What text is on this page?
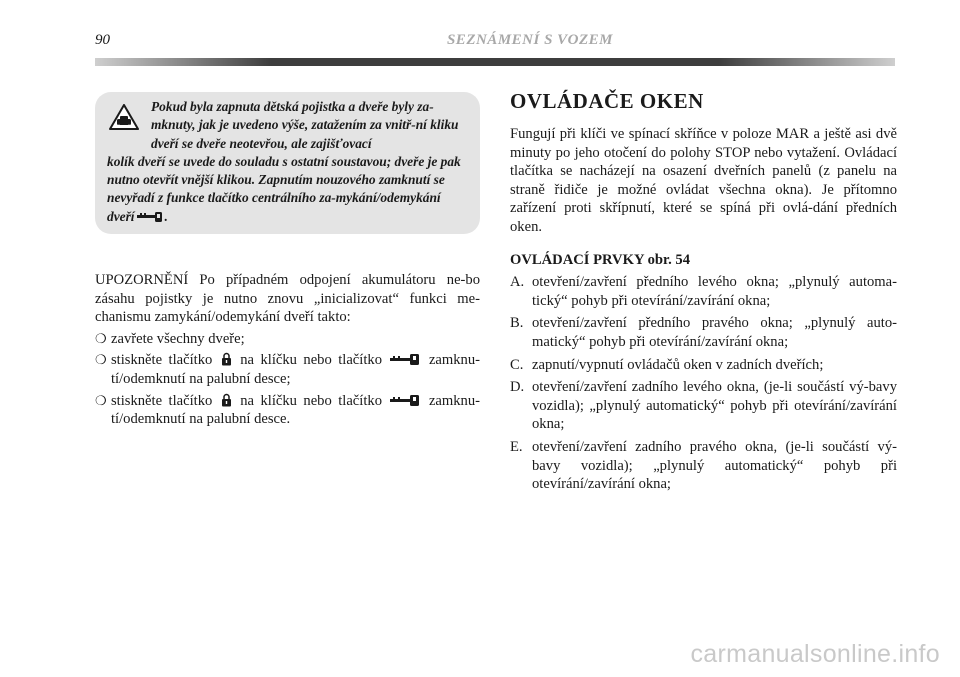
90	SEZNÁMENÍ S VOZEM
Pokud byla zapnuta dětská pojistka a dveře byly za-mknuty, jak je uvedeno výše, zatažením za vnitř-ní kliku dveří se dveře neotevřou, ale zajišťovací
kolík dveří se uvede do souladu s ostatní soustavou; dveře je pak nutno otevřít vnější klikou. Zapnutím nouzového zamknutí se nevyřadí z funkce tlačítko centrálního za-mykání/odemykání dveří .

UPOZORNĚNÍ Po případném odpojení akumulátoru ne-bo zásahu pojistky je nutno znovu „inicializovat“ funkci me-chanismu zamykání/odemykání dveří takto:

❍ zavřete všechny dveře;
❍ stiskněte tlačítko na klíčku nebo tlačítko	zamknu-tí/odemknutí na palubní desce;
❍ stiskněte tlačítko na klíčku nebo tlačítko	zamknu-tí/odemknutí na palubní desce.
OVLÁDAČE OKEN

Fungují při klíči ve spínací skříňce v poloze MAR a ještě asi dvě minuty po jeho otočení do polohy STOP nebo vytažení. Ovládací tlačítka se nacházejí na osazení dveřních panelů (z panelu na straně řidiče je možné ovládat všechna okna). Je přítomno zařízení proti skřípnutí, které se spíná při ovlá-dání předních oken.

OVLÁDACÍ PRVKY obr. 54
A. otevření/zavření předního levého okna; „plynulý automa-tický“ pohyb při otevírání/zavírání okna;
B. otevření/zavření předního pravého okna; „plynulý auto-matický“ pohyb při otevírání/zavírání okna;
C. zapnutí/vypnutí ovládačů oken v zadních dveřích;
D. otevření/zavření zadního levého okna, (je-li součástí vý-bavy vozidla); „plynulý automatický“ pohyb při otevírání/zavírání okna;
E. otevření/zavření zadního pravého okna, (je-li součástí vý-bavy vozidla); „plynulý automatický“ pohyb při otevírání/zavírání okna;
carmanualsonline.info
